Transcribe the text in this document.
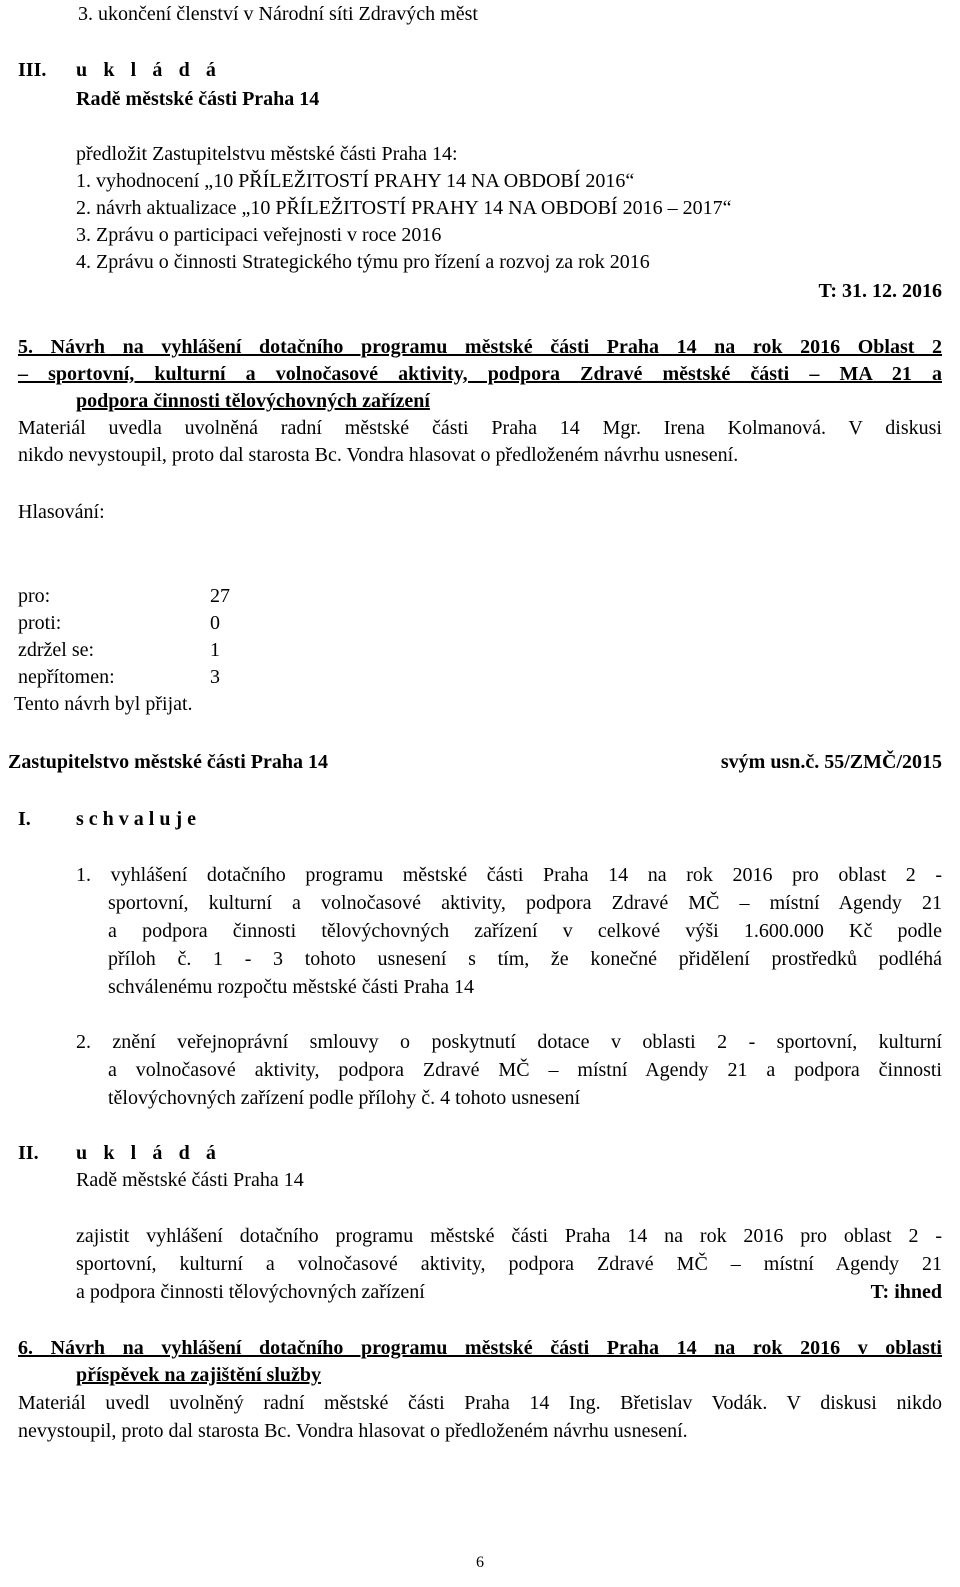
3. ukončení členství v Národní síti Zdravých měst
III. u k l á d á
Radě městské části Praha 14
předložit Zastupitelstvu městské části Praha 14:
1. vyhodnocení „10 PŘÍLEŽITOSTÍ PRAHY 14 NA OBDOBÍ 2016“
2. návrh aktualizace „10 PŘÍLEŽITOSTÍ PRAHY 14 NA OBDOBÍ 2016 – 2017“
3. Zprávu o participaci veřejnosti v roce 2016
4. Zprávu o činnosti Strategického týmu pro řízení a rozvoj za rok 2016
T: 31. 12. 2016
5. Návrh na vyhlášení dotačního programu městské části Praha 14 na rok 2016 Oblast 2
– sportovní, kulturní a volnočasové aktivity, podpora Zdravé městské části – MA 21 a
podpora činnosti tělovýchovných zařízení
Materiál uvedla uvolněná radní městské části Praha 14 Mgr. Irena Kolmanová. V diskusi
nikdo nevystoupil, proto dal starosta Bc. Vondra hlasovat o předloženém návrhu usnesení.
Hlasování:
pro:	27
proti:	0
zdržel se:	1
nepřítomen:	3
Tento návrh byl přijat.
Zastupitelstvo městské části Praha 14	svým usn.č. 55/ZMČ/2015
I. s c h v a l u j e
1. vyhlášení dotačního programu městské části Praha 14 na rok 2016 pro oblast 2 -
sportovní, kulturní a volnočasové aktivity, podpora Zdravé MČ – místní Agendy 21
a podpora činnosti tělovýchovných zařízení v celkové výši 1.600.000 Kč podle
příloh č. 1 - 3 tohoto usnesení s tím, že konečné přidělení prostředků podléhá
schválenému rozpočtu městské části Praha 14
2. znění veřejnoprávní smlouvy o poskytnutí dotace v oblasti 2 - sportovní, kulturní
a volnočasové aktivity, podpora Zdravé MČ – místní Agendy 21 a podpora činnosti
tělovýchovných zařízení podle přílohy č. 4 tohoto usnesení
II. u k l á d á
Radě městské části Praha 14
zajistit vyhlášení dotačního programu městské části Praha 14 na rok 2016 pro oblast 2 -
sportovní, kulturní a volnočasové aktivity, podpora Zdravé MČ – místní Agendy 21
a podpora činnosti tělovýchovných zařízení	T: ihned
6. Návrh na vyhlášení dotačního programu městské části Praha 14 na rok 2016 v oblasti
příspěvek na zajištění služby
Materiál uvedl uvolněný radní městské části Praha 14 Ing. Břetislav Vodák. V diskusi nikdo
nevystoupil, proto dal starosta Bc. Vondra hlasovat o předloženém návrhu usnesení.
6
